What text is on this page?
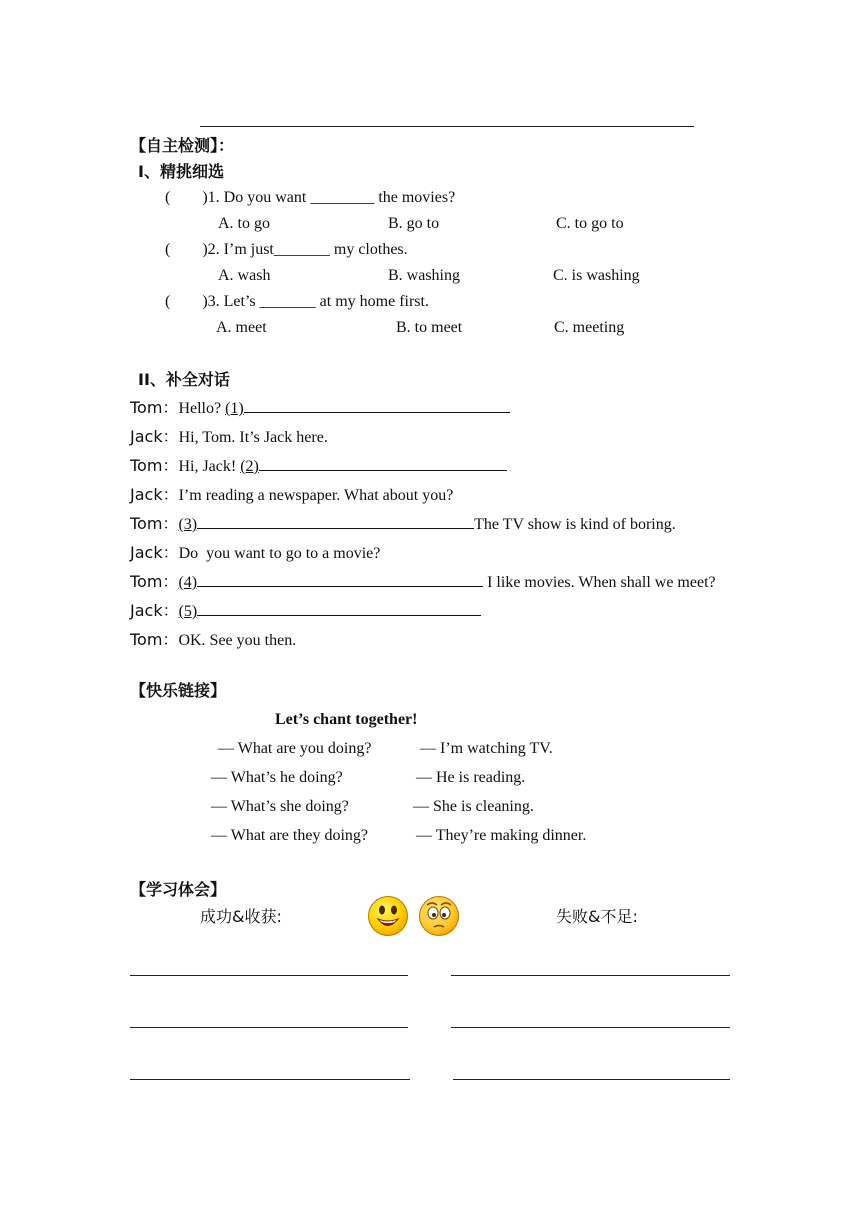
【自主检测】：
I、精挑细选
(        )1. Do you want ________ the movies?
A. to go	B. go to	C. to go to
(        )2. I’m just_______ my clothes.
A. wash	B. washing	C. is washing
(        )3. Let’s _______ at my home first.
A. meet	B. to meet	C. meeting
II、补全对话
Tom：Hello? (1)
Jack：Hi, Tom. It’s Jack here.
Tom：Hi, Jack! (2)
Jack：I’m reading a newspaper. What about you?
Tom：(3)	The TV show is kind of boring.
Jack：Do  you want to go to a movie?
Tom：(4)	I like movies. When shall we meet?
Jack：(5)
Tom：OK. See you then.
【快乐链接】
Let’s chant together!
— What are you doing?	— I’m watching TV.
— What’s he doing?	— He is reading.
— What’s she doing?	— She is cleaning.
— What are they doing?	— They’re making dinner.
【学习体会】
成功&收获:	失败&不足:
